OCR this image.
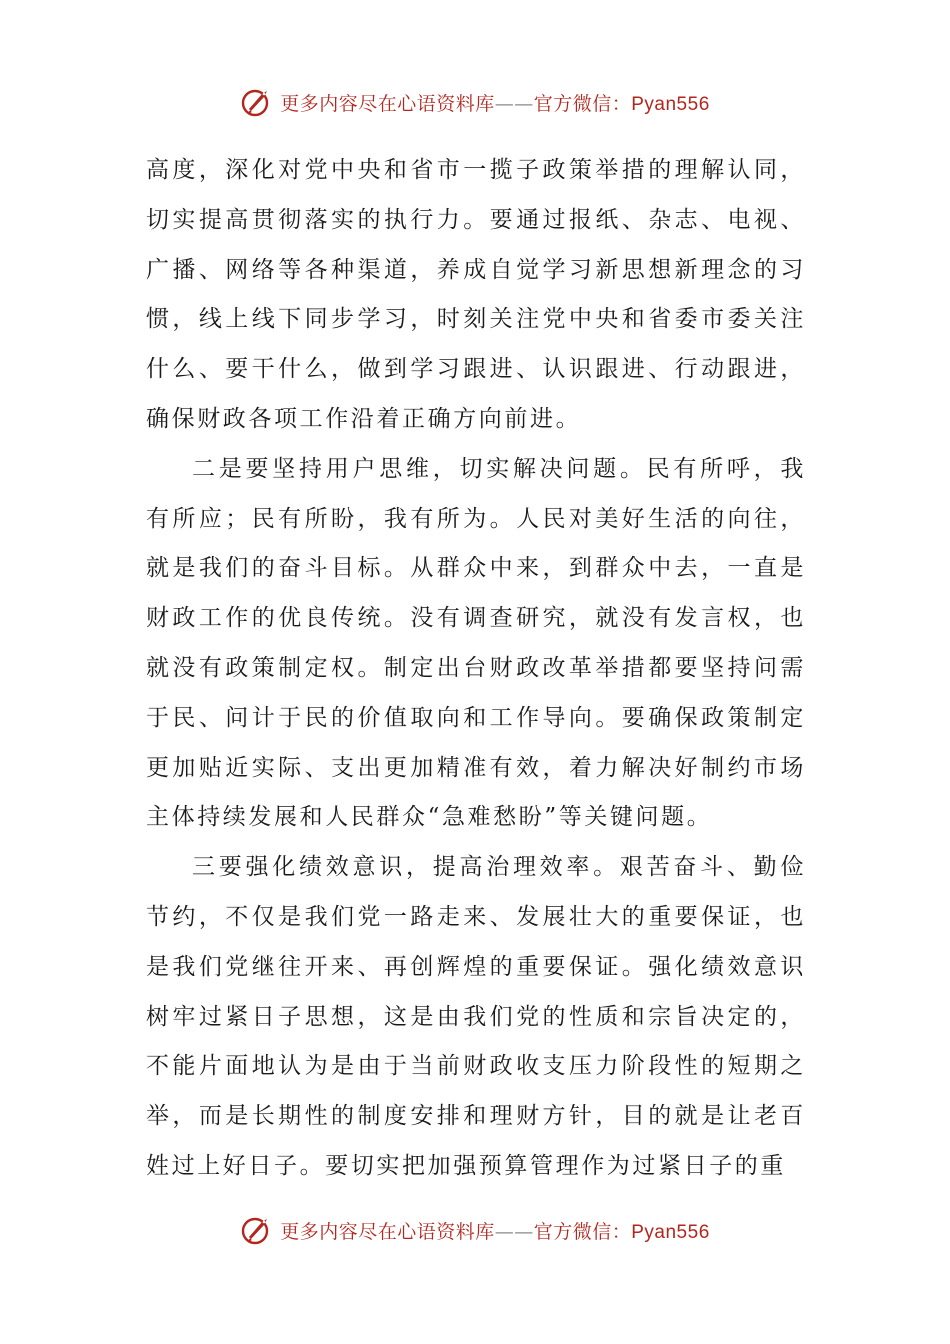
更多内容尽在心语资料库——官方微信：Pyan556

高度，深化对党中央和省市一揽子政策举措的理解认同，切实提高贯彻落实的执行力。要通过报纸、杂志、电视、广播、网络等各种渠道，养成自觉学习新思想新理念的习惯，线上线下同步学习，时刻关注党中央和省委市委关注什么、要干什么，做到学习跟进、认识跟进、行动跟进，确保财政各项工作沿着正确方向前进。

二是要坚持用户思维，切实解决问题。民有所呼，我有所应；民有所盼，我有所为。人民对美好生活的向往，就是我们的奋斗目标。从群众中来，到群众中去，一直是财政工作的优良传统。没有调查研究，就没有发言权，也就没有政策制定权。制定出台财政改革举措都要坚持问需于民、问计于民的价值取向和工作导向。要确保政策制定更加贴近实际、支出更加精准有效，着力解决好制约市场主体持续发展和人民群众“急难愁盼”等关键问题。

三要强化绩效意识，提高治理效率。艰苦奋斗、勤俭节约，不仅是我们党一路走来、发展壮大的重要保证，也是我们党继往开来、再创辉煌的重要保证。强化绩效意识树牢过紧日子思想，这是由我们党的性质和宗旨决定的，不能片面地认为是由于当前财政收支压力阶段性的短期之举，而是长期性的制度安排和理财方针，目的就是让老百姓过上好日子。要切实把加强预算管理作为过紧日子的重

更多内容尽在心语资料库——官方微信：Pyan556
